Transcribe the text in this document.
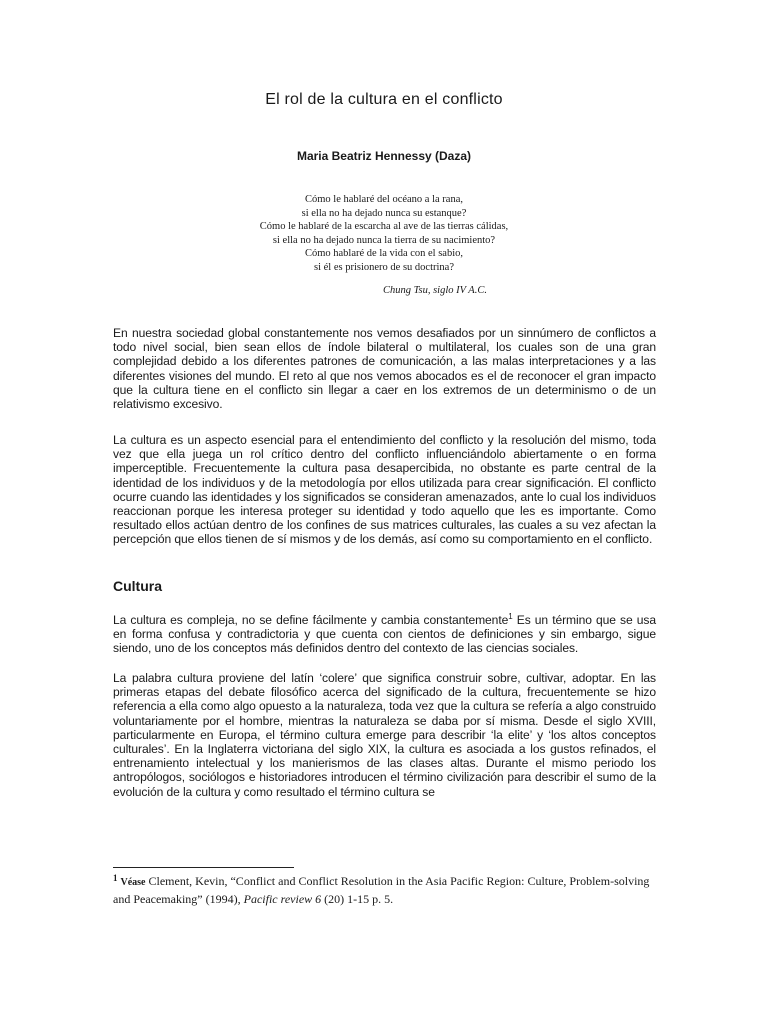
El rol de la cultura en el conflicto
Maria Beatriz Hennessy (Daza)
Cómo le hablaré del océano a la rana,
si ella no ha dejado nunca su estanque?
Cómo le hablaré de la escarcha al ave de las tierras cálidas,
si ella no ha dejado nunca la tierra de su nacimiento?
Cómo hablaré de la vida con el sabio,
si él es prisionero de su doctrina?
Chung Tsu, siglo IV A.C.
En nuestra sociedad global constantemente nos vemos desafiados por un sinnúmero de conflictos a todo nivel social, bien sean ellos de índole bilateral o multilateral, los cuales son de una gran complejidad debido a los diferentes patrones de comunicación, a las malas interpretaciones y a las diferentes visiones del mundo. El reto al que nos vemos abocados es el de reconocer el gran impacto que la cultura tiene en el conflicto sin llegar a caer en los extremos de un determinismo o de un relativismo excesivo.
La cultura es un aspecto esencial para el entendimiento del conflicto y la resolución del mismo, toda vez que ella juega un rol crítico dentro del conflicto influenciándolo abiertamente o en forma imperceptible. Frecuentemente la cultura pasa desapercibida, no obstante es parte central de la identidad de los individuos y de la metodología por ellos utilizada para crear significación. El conflicto ocurre cuando las identidades y los significados se consideran amenazados, ante lo cual los individuos reaccionan porque les interesa proteger su identidad y todo aquello que les es importante. Como resultado ellos actúan dentro de los confines de sus matrices culturales, las cuales a su vez afectan la percepción que ellos tienen de sí mismos y de los demás, así como su comportamiento en el conflicto.
Cultura
La cultura es compleja, no se define fácilmente y cambia constantemente$^1$ Es un término que se usa en forma confusa y contradictoria y que cuenta con cientos de definiciones y sin embargo, sigue siendo, uno de los conceptos más definidos dentro del contexto de las ciencias sociales.
La palabra cultura proviene del latín ‘colere’ que significa construir sobre, cultivar, adoptar. En las primeras etapas del debate filosófico acerca del significado de la cultura, frecuentemente se hizo referencia a ella como algo opuesto a la naturaleza, toda vez que la cultura se refería a algo construido voluntariamente por el hombre, mientras la naturaleza se daba por sí misma. Desde el siglo XVIII, particularmente en Europa, el término cultura emerge para describir ‘la elite’ y ‘los altos conceptos culturales’. En la Inglaterra victoriana del siglo XIX, la cultura es asociada a los gustos refinados, el entrenamiento intelectual y los manierismos de las clases altas. Durante el mismo periodo los antropólogos, sociólogos e historiadores introducen el término civilización para describir el sumo de la evolución de la cultura y como resultado el término cultura se
$^1$ Véase Clement, Kevin, “Conflict and Conflict Resolution in the Asia Pacific Region: Culture, Problem-solving and Peacemaking” (1994), Pacific review 6 (20) 1-15 p. 5.
